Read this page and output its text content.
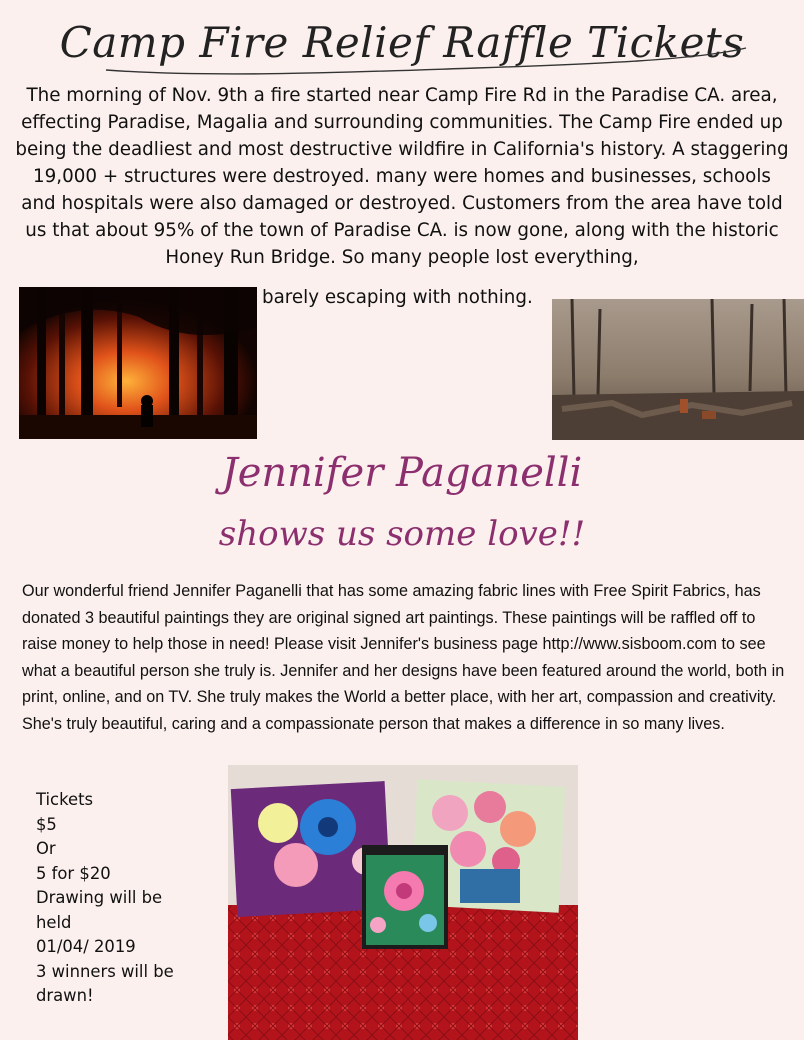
Camp Fire Relief Raffle Tickets

The morning of Nov. 9th a fire started near Camp Fire Rd in the Paradise CA. area, effecting Paradise, Magalia and surrounding communities. The Camp Fire ended up being the deadliest and most destructive wildfire in California's history. A staggering 19,000 + structures were destroyed. many were homes and businesses, schools and hospitals were also damaged or destroyed. Customers from the area have told us that about 95% of the town of Paradise CA. is now gone, along with the historic Honey Run Bridge. So many people lost everything,

barely escaping with nothing.
Jennifer Paganelli
shows us some love!!

Our wonderful friend Jennifer Paganelli that has some amazing fabric lines with Free Spirit Fabrics, has donated 3 beautiful paintings they are original signed art paintings. These paintings will be raffled off to raise money to help those in need! Please visit Jennifer's business page http://www.sisboom.com to see what a beautiful person she truly is. Jennifer and her designs have been featured around the world, both in print, online, and on TV. She truly makes the World a better place, with her art, compassion and creativity. She's truly beautiful, caring and a compassionate person that makes a difference in so many lives.

Tickets
$5
Or
5 for $20
Drawing will be
held
01/04/ 2019
3 winners will be
drawn!
